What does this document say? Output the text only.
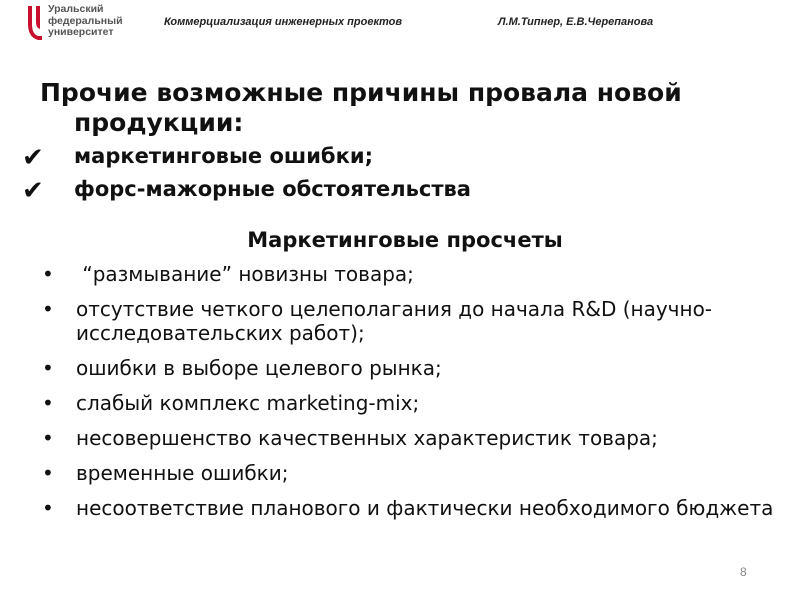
Уральский
федеральный
университет
Коммерциализация инженерных проектов	Л.М.Типнер, Е.В.Черепанова
Прочие возможные причины провала новой продукции:
✔ маркетинговые ошибки;
✔ форс-мажорные обстоятельства
Маркетинговые просчеты
• “размывание” новизны товара;
• отсутствие четкого целеполагания до начала R&D (научно-исследовательских работ);
• ошибки в выборе целевого рынка;
• слабый комплекс marketing-mix;
• несовершенство качественных характеристик товара;
• временные ошибки;
• несоответствие планового и фактически необходимого бюджета
8
